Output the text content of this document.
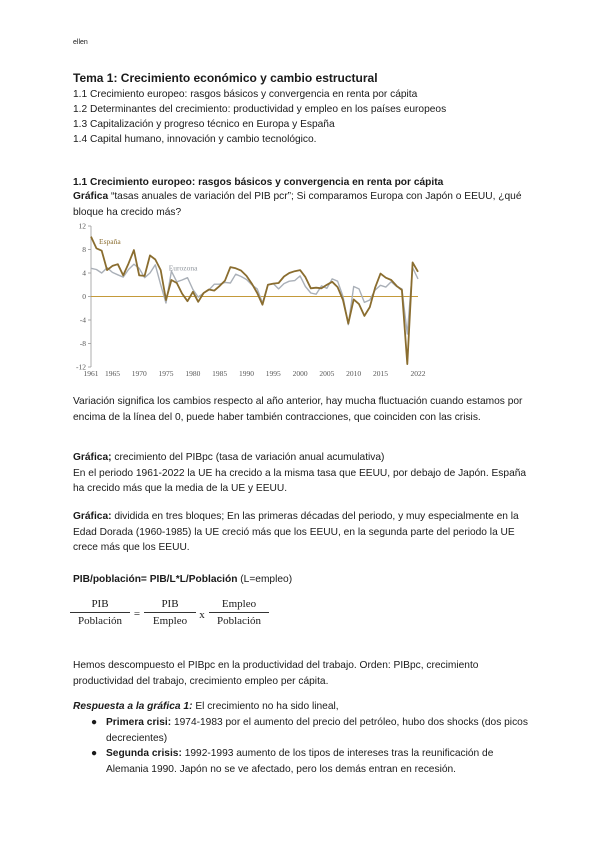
ellen
Tema 1: Crecimiento económico y cambio estructural
1.1 Crecimiento europeo: rasgos básicos y convergencia en renta por cápita
1.2 Determinantes del crecimiento: productividad y empleo en los países europeos
1.3 Capitalización y progreso técnico en Europa y España
1.4 Capital humano, innovación y cambio tecnológico.
1.1 Crecimiento europeo: rasgos básicos y convergencia en renta por cápita
Gráfica “tasas anuales de variación del PIB pcr”; Si comparamos Europa con Japón o EEUU, ¿qué bloque ha crecido más?
12
8
4
0
-4
-8
-12
1961 1965 1970 1975 1980 1985 1990 1995 2000 2005 2010 2015	2022
España
Eurozona
Variación significa los cambios respecto al año anterior, hay mucha fluctuación cuando estamos por encima de la línea del 0, puede haber también contracciones, que coinciden con las crisis.
Gráfica; crecimiento del PIBpc (tasa de variación anual acumulativa)
En el periodo 1961-2022 la UE ha crecido a la misma tasa que EEUU, por debajo de Japón. España ha crecido más que la media de la UE y EEUU.
Gráfica: dividida en tres bloques; En las primeras décadas del periodo, y muy especialmente en la Edad Dorada (1960-1985) la UE creció más que los EEUU, en la segunda parte del periodo la UE crece más que los EEUU.
PIB/población= PIB/L*L/Población (L=empleo)
PIB
Población
=
PIB
Empleo	x
Empleo
Población
Hemos descompuesto el PIBpc en la productividad del trabajo. Orden: PIBpc, crecimiento productividad del trabajo, crecimiento empleo per cápita.
Respuesta a la gráfica 1: El crecimiento no ha sido lineal,
● Primera crisi: 1974-1983 por el aumento del precio del petróleo, hubo dos shocks (dos picos decrecientes)
● Segunda crisis: 1992-1993 aumento de los tipos de intereses tras la reunificación de Alemania 1990. Japón no se ve afectado, pero los demás entran en recesión.
